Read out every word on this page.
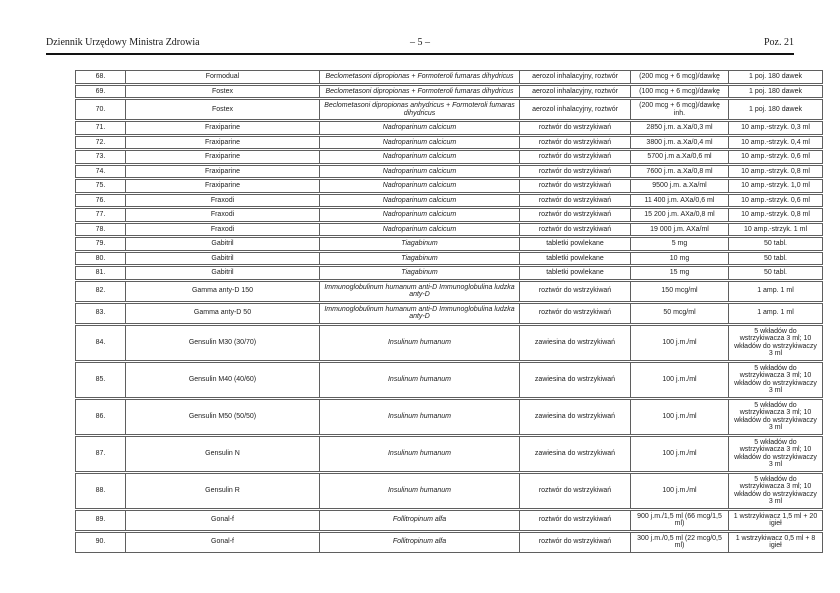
Dziennik Urzędowy Ministra Zdrowia	– 5 –	Poz. 21
68.	Formodual	Beclometasoni dipropionas + Formoteroli fumaras dihydricus	aerozol inhalacyjny, roztwór	(200 mcg + 6 mcg)/dawkę	1 poj. 180 dawek
69.	Fostex	Beclometasoni dipropionas + Formoteroli fumaras dihydricus	aerozol inhalacyjny, roztwór	(100 mcg + 6 mcg)/dawkę	1 poj. 180 dawek
70.	Fostex	Beclometasoni dipropionas anhydricus + Formoteroli fumaras dihydricus	aerozol inhalacyjny, roztwór	(200 mcg + 6 mcg)/dawkę inh.	1 poj. 180 dawek
71.	Fraxiparine	Nadroparinum calcicum	roztwór do wstrzykiwań	2850 j.m. a.Xa/0,3 ml	10 amp.-strzyk. 0,3 ml
72.	Fraxiparine	Nadroparinum calcicum	roztwór do wstrzykiwań	3800 j.m. a.Xa/0,4 ml	10 amp.-strzyk. 0,4 ml
73.	Fraxiparine	Nadroparinum calcicum	roztwór do wstrzykiwań	5700 j.m a.Xa/0,6 ml	10 amp.-strzyk. 0,6 ml
74.	Fraxiparine	Nadroparinum calcicum	roztwór do wstrzykiwań	7600 j.m. a.Xa/0,8 ml	10 amp.-strzyk. 0,8 ml
75.	Fraxiparine	Nadroparinum calcicum	roztwór do wstrzykiwań	9500 j.m. a.Xa/ml	10 amp.-strzyk. 1,0 ml
76.	Fraxodi	Nadroparinum calcicum	roztwór do wstrzykiwań	11 400 j.m. AXa/0,6 ml	10 amp.-strzyk. 0,6 ml
77.	Fraxodi	Nadroparinum calcicum	roztwór do wstrzykiwań	15 200 j.m. AXa/0,8 ml	10 amp.-strzyk. 0,8 ml
78.	Fraxodi	Nadroparinum calcicum	roztwór do wstrzykiwań	19 000 j.m. AXa/ml	10 amp.-strzyk. 1 ml
79.	Gabitril	Tiagabinum	tabletki powlekane	5 mg	50 tabl.
80.	Gabitril	Tiagabinum	tabletki powlekane	10 mg	50 tabl.
81.	Gabitril	Tiagabinum	tabletki powlekane	15 mg	50 tabl.
82.	Gamma anty-D 150	Immunoglobulinum humanum anti-D Immunoglobulina ludzka anty-D	roztwór do wstrzykiwań	150 mcg/ml	1 amp. 1 ml
83.	Gamma anty-D 50	Immunoglobulinum humanum anti-D Immunoglobulina ludzka anty-D	roztwór do wstrzykiwań	50 mcg/ml	1 amp. 1 ml
84.	Gensulin M30 (30/70)	Insulinum humanum	zawiesina do wstrzykiwań	100 j.m./ml	5 wkładów do wstrzykiwacza 3 ml; 10 wkładów do wstrzykiwaczy 3 ml
85.	Gensulin M40 (40/60)	Insulinum humanum	zawiesina do wstrzykiwań	100 j.m./ml	5 wkładów do wstrzykiwacza 3 ml; 10 wkładów do wstrzykiwaczy 3 ml
86.	Gensulin M50 (50/50)	Insulinum humanum	zawiesina do wstrzykiwań	100 j.m./ml	5 wkładów do wstrzykiwacza 3 ml; 10 wkładów do wstrzykiwaczy 3 ml
87.	Gensulin N	Insulinum humanum	zawiesina do wstrzykiwań	100 j.m./ml	5 wkładów do wstrzykiwacza 3 ml; 10 wkładów do wstrzykiwaczy 3 ml
88.	Gensulin R	Insulinum humanum	roztwór do wstrzykiwań	100 j.m./ml	5 wkładów do wstrzykiwacza 3 ml; 10 wkładów do wstrzykiwaczy 3 ml
89.	Gonal-f	Follitropinum alfa	roztwór do wstrzykiwań	900 j.m./1,5 ml (66 mcg/1,5 ml)	1 wstrzykiwacz 1,5 ml + 20 igieł
90.	Gonal-f	Follitropinum alfa	roztwór do wstrzykiwań	300 j.m./0,5 ml (22 mcg/0,5 ml)	1 wstrzykiwacz 0,5 ml + 8 igieł
